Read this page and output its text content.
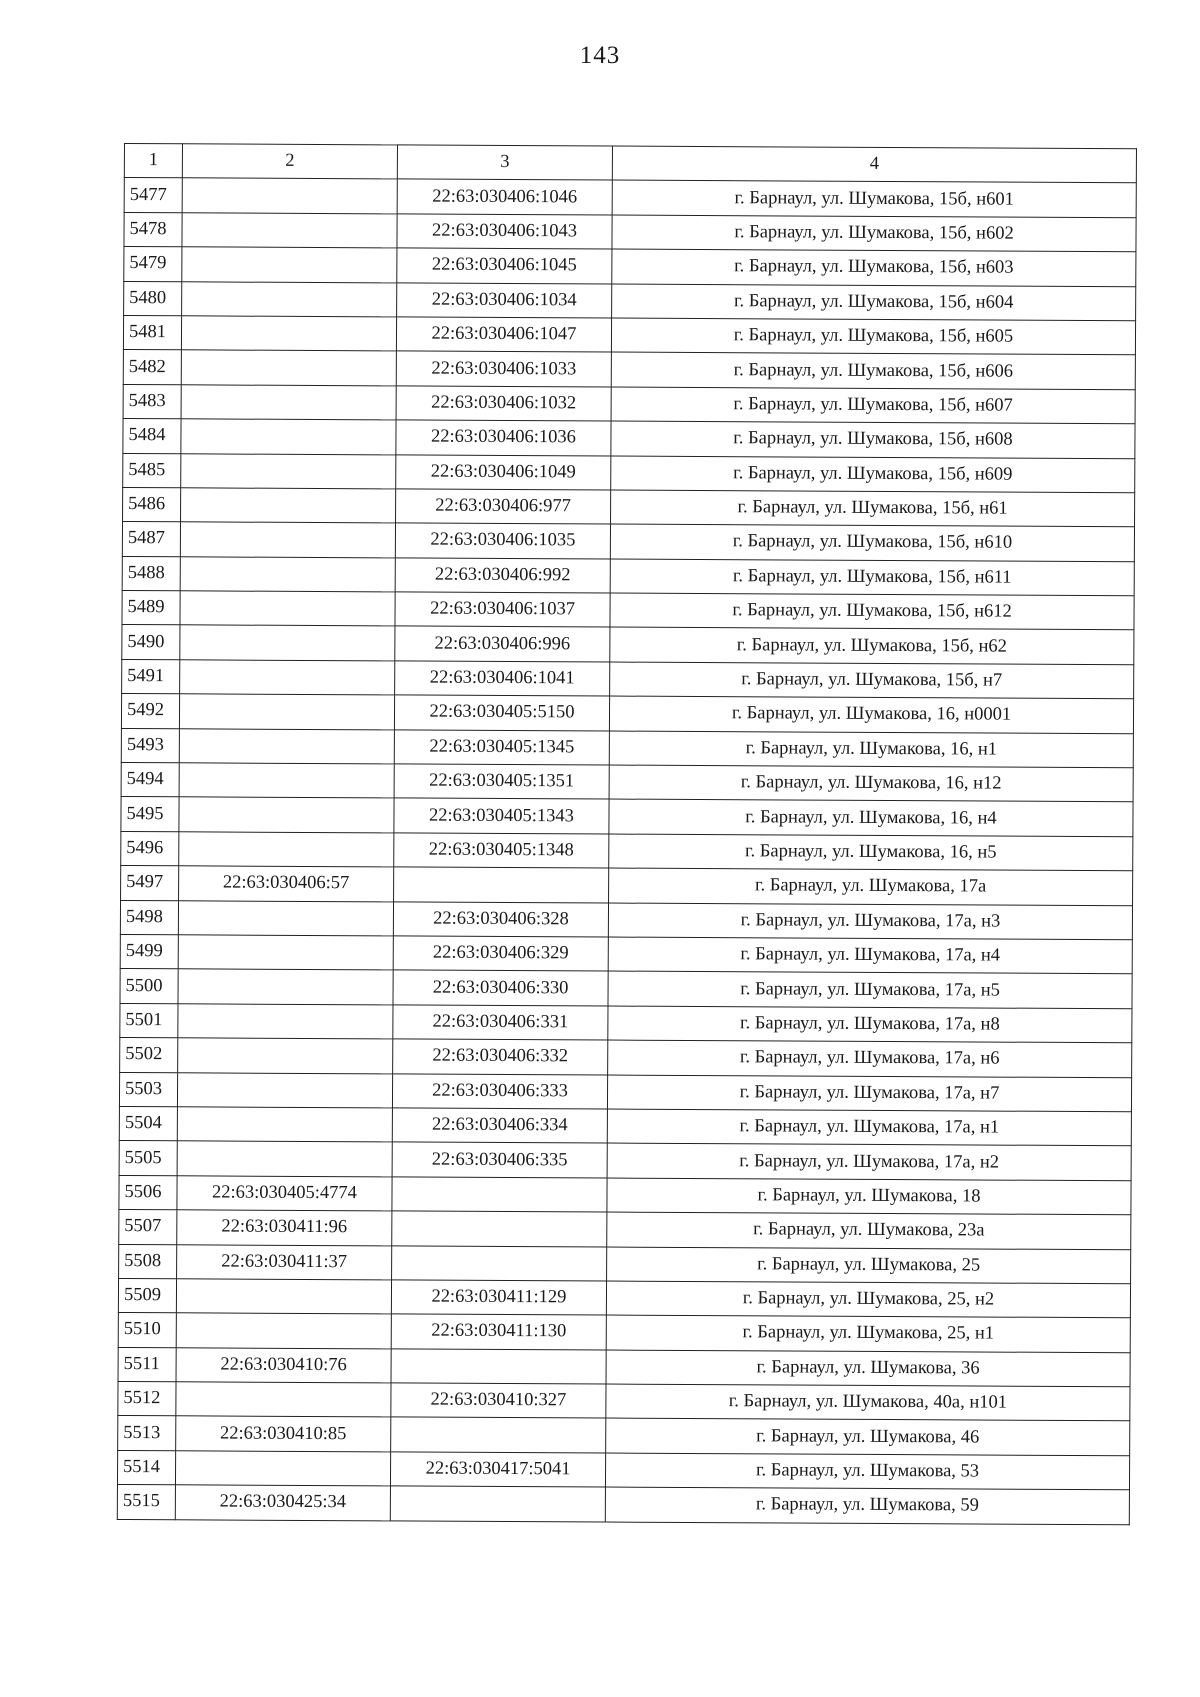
143
1	2	3	4
5477		22:63:030406:1046	г. Барнаул, ул. Шумакова, 15б, н601
5478		22:63:030406:1043	г. Барнаул, ул. Шумакова, 15б, н602
5479		22:63:030406:1045	г. Барнаул, ул. Шумакова, 15б, н603
5480		22:63:030406:1034	г. Барнаул, ул. Шумакова, 15б, н604
5481		22:63:030406:1047	г. Барнаул, ул. Шумакова, 15б, н605
5482		22:63:030406:1033	г. Барнаул, ул. Шумакова, 15б, н606
5483		22:63:030406:1032	г. Барнаул, ул. Шумакова, 15б, н607
5484		22:63:030406:1036	г. Барнаул, ул. Шумакова, 15б, н608
5485		22:63:030406:1049	г. Барнаул, ул. Шумакова, 15б, н609
5486		22:63:030406:977	г. Барнаул, ул. Шумакова, 15б, н61
5487		22:63:030406:1035	г. Барнаул, ул. Шумакова, 15б, н610
5488		22:63:030406:992	г. Барнаул, ул. Шумакова, 15б, н611
5489		22:63:030406:1037	г. Барнаул, ул. Шумакова, 15б, н612
5490		22:63:030406:996	г. Барнаул, ул. Шумакова, 15б, н62
5491		22:63:030406:1041	г. Барнаул, ул. Шумакова, 15б, н7
5492		22:63:030405:5150	г. Барнаул, ул. Шумакова, 16, н0001
5493		22:63:030405:1345	г. Барнаул, ул. Шумакова, 16, н1
5494		22:63:030405:1351	г. Барнаул, ул. Шумакова, 16, н12
5495		22:63:030405:1343	г. Барнаул, ул. Шумакова, 16, н4
5496		22:63:030405:1348	г. Барнаул, ул. Шумакова, 16, н5
5497	22:63:030406:57		г. Барнаул, ул. Шумакова, 17а
5498		22:63:030406:328	г. Барнаул, ул. Шумакова, 17а, н3
5499		22:63:030406:329	г. Барнаул, ул. Шумакова, 17а, н4
5500		22:63:030406:330	г. Барнаул, ул. Шумакова, 17а, н5
5501		22:63:030406:331	г. Барнаул, ул. Шумакова, 17а, н8
5502		22:63:030406:332	г. Барнаул, ул. Шумакова, 17а, н6
5503		22:63:030406:333	г. Барнаул, ул. Шумакова, 17а, н7
5504		22:63:030406:334	г. Барнаул, ул. Шумакова, 17а, н1
5505		22:63:030406:335	г. Барнаул, ул. Шумакова, 17а, н2
5506	22:63:030405:4774		г. Барнаул, ул. Шумакова, 18
5507	22:63:030411:96		г. Барнаул, ул. Шумакова, 23а
5508	22:63:030411:37		г. Барнаул, ул. Шумакова, 25
5509		22:63:030411:129	г. Барнаул, ул. Шумакова, 25, н2
5510		22:63:030411:130	г. Барнаул, ул. Шумакова, 25, н1
5511	22:63:030410:76		г. Барнаул, ул. Шумакова, 36
5512		22:63:030410:327	г. Барнаул, ул. Шумакова, 40а, н101
5513	22:63:030410:85		г. Барнаул, ул. Шумакова, 46
5514		22:63:030417:5041	г. Барнаул, ул. Шумакова, 53
5515	22:63:030425:34		г. Барнаул, ул. Шумакова, 59
